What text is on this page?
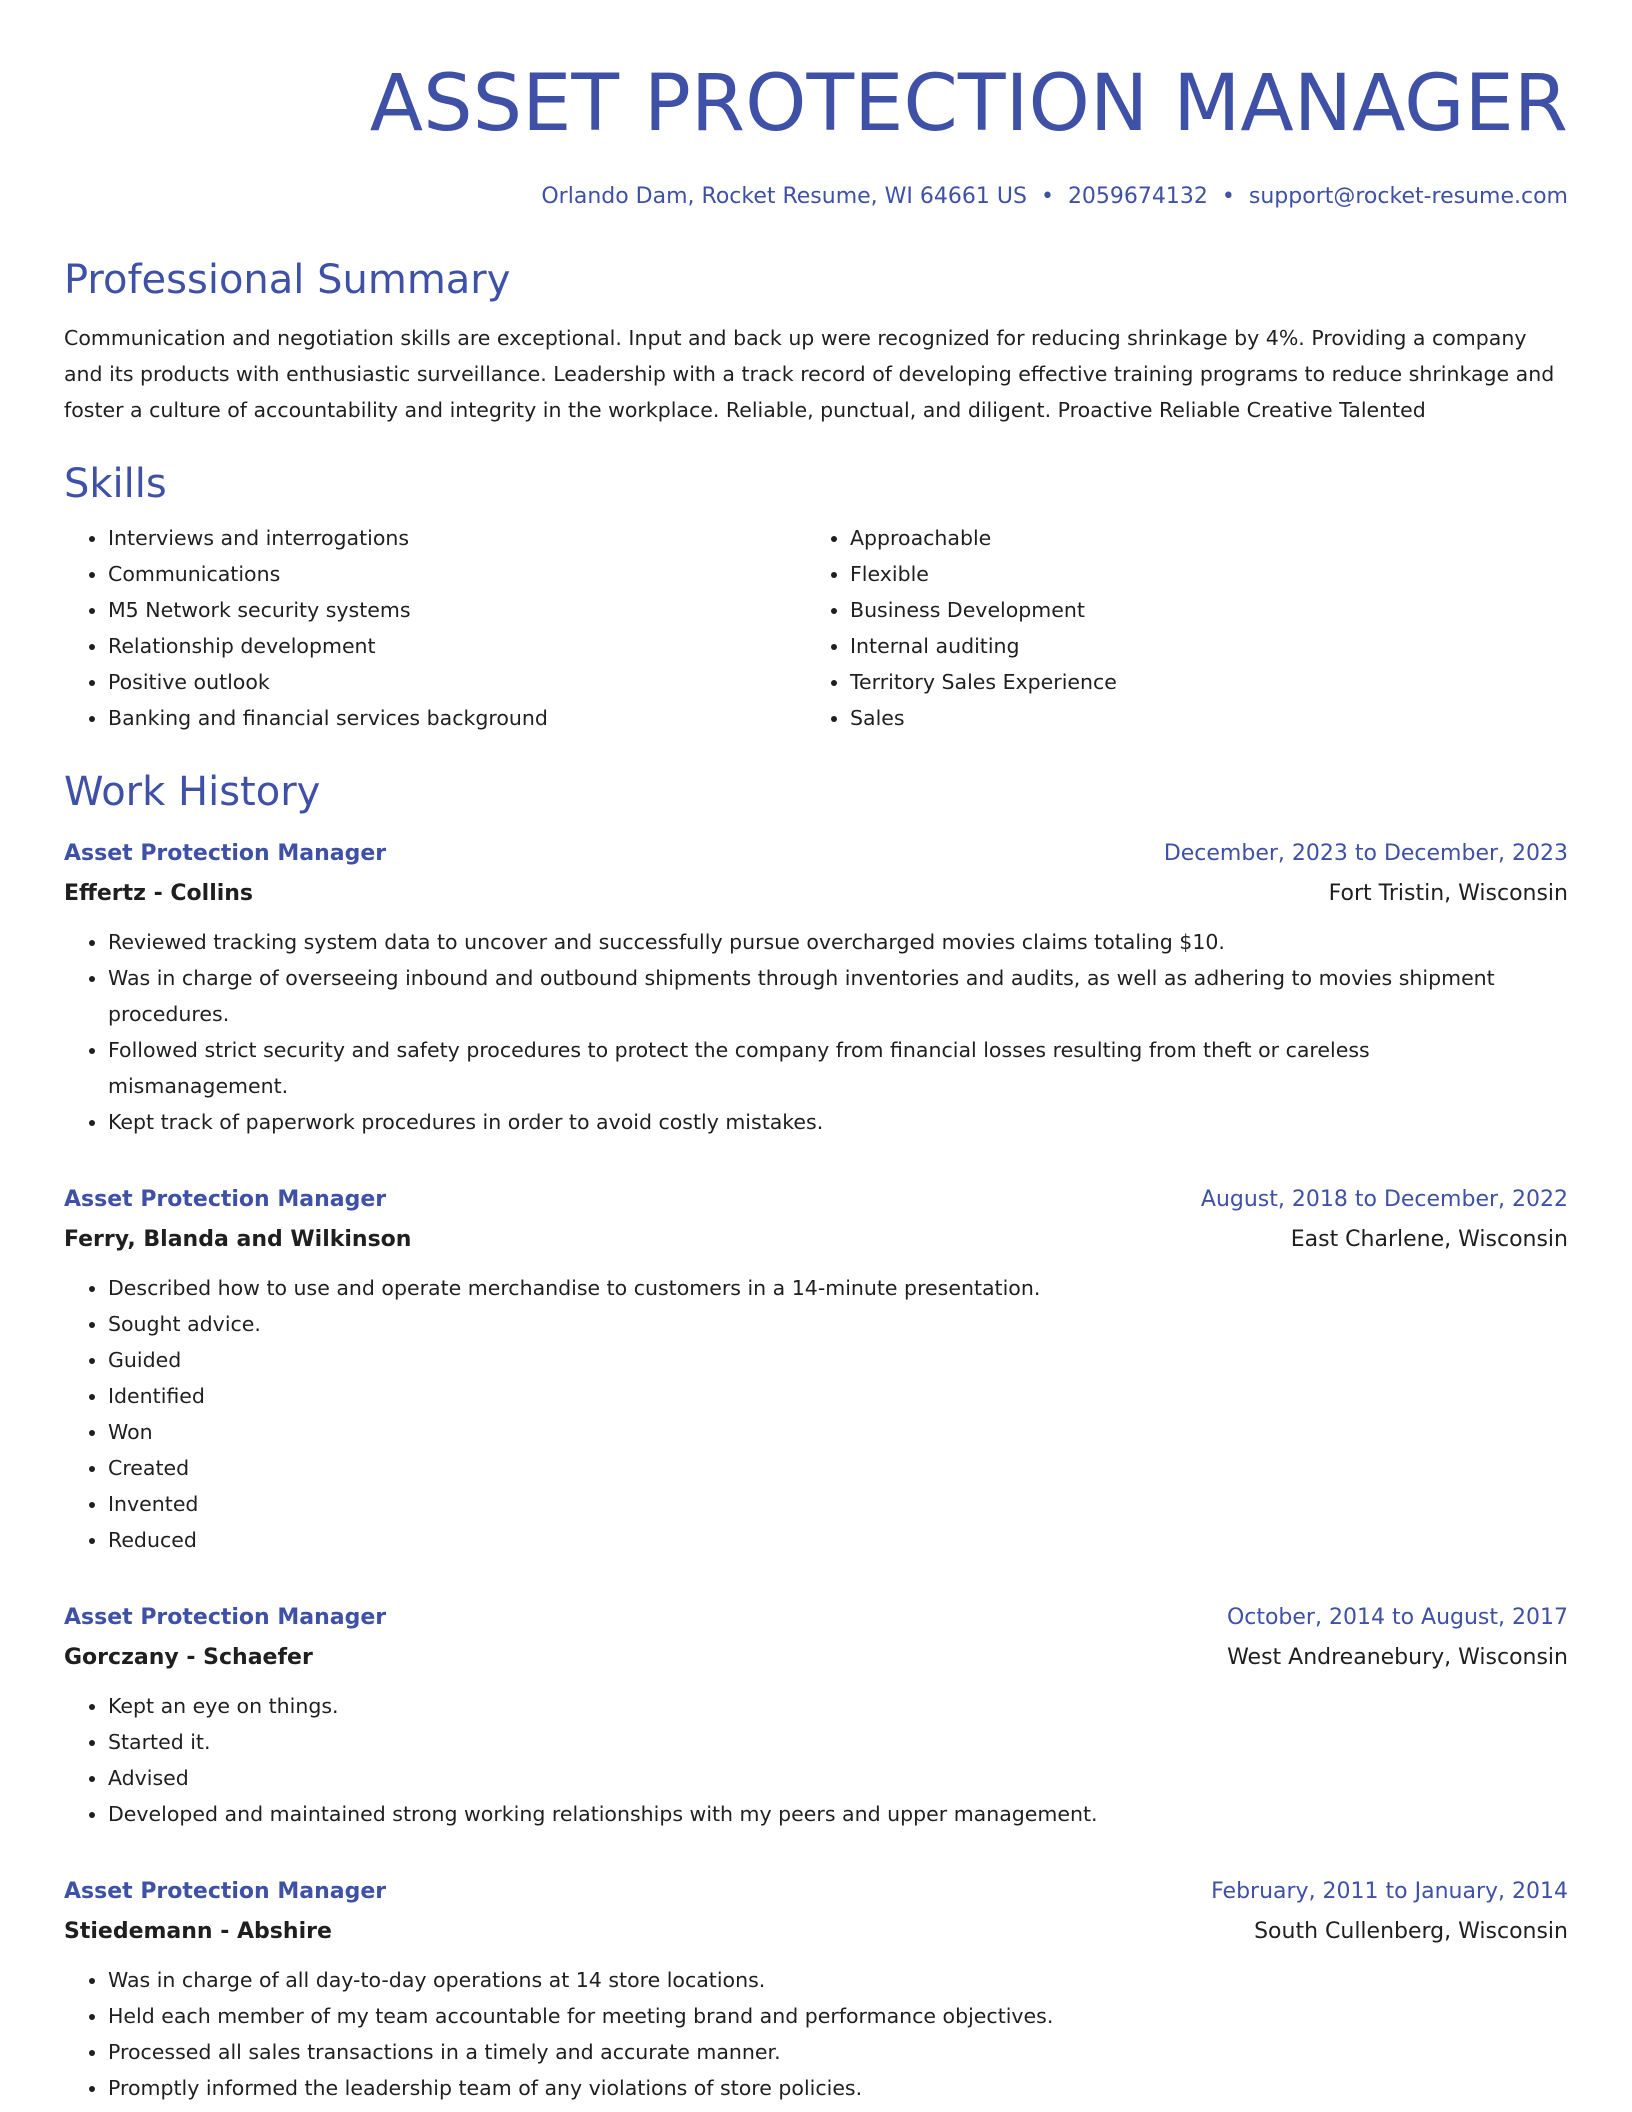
ASSET PROTECTION MANAGER
Orlando Dam, Rocket Resume, WI 64661 US • 2059674132 • support@rocket-resume.com
Professional Summary
Communication and negotiation skills are exceptional. Input and back up were recognized for reducing shrinkage by 4%. Providing a company and its products with enthusiastic surveillance. Leadership with a track record of developing effective training programs to reduce shrinkage and foster a culture of accountability and integrity in the workplace. Reliable, punctual, and diligent. Proactive Reliable Creative Talented
Skills
• Interviews and interrogations
• Communications
• M5 Network security systems
• Relationship development
• Positive outlook
• Banking and financial services background
• Approachable
• Flexible
• Business Development
• Internal auditing
• Territory Sales Experience
• Sales
Work History
Asset Protection Manager	December, 2023 to December, 2023
Effertz - Collins	Fort Tristin, Wisconsin
• Reviewed tracking system data to uncover and successfully pursue overcharged movies claims totaling $10.
• Was in charge of overseeing inbound and outbound shipments through inventories and audits, as well as adhering to movies shipment procedures.
• Followed strict security and safety procedures to protect the company from financial losses resulting from theft or careless mismanagement.
• Kept track of paperwork procedures in order to avoid costly mistakes.
Asset Protection Manager	August, 2018 to December, 2022
Ferry, Blanda and Wilkinson	East Charlene, Wisconsin
• Described how to use and operate merchandise to customers in a 14-minute presentation.
• Sought advice.
• Guided
• Identified
• Won
• Created
• Invented
• Reduced
Asset Protection Manager	October, 2014 to August, 2017
Gorczany - Schaefer	West Andreanebury, Wisconsin
• Kept an eye on things.
• Started it.
• Advised
• Developed and maintained strong working relationships with my peers and upper management.
Asset Protection Manager	February, 2011 to January, 2014
Stiedemann - Abshire	South Cullenberg, Wisconsin
• Was in charge of all day-to-day operations at 14 store locations.
• Held each member of my team accountable for meeting brand and performance objectives.
• Processed all sales transactions in a timely and accurate manner.
• Promptly informed the leadership team of any violations of store policies.
